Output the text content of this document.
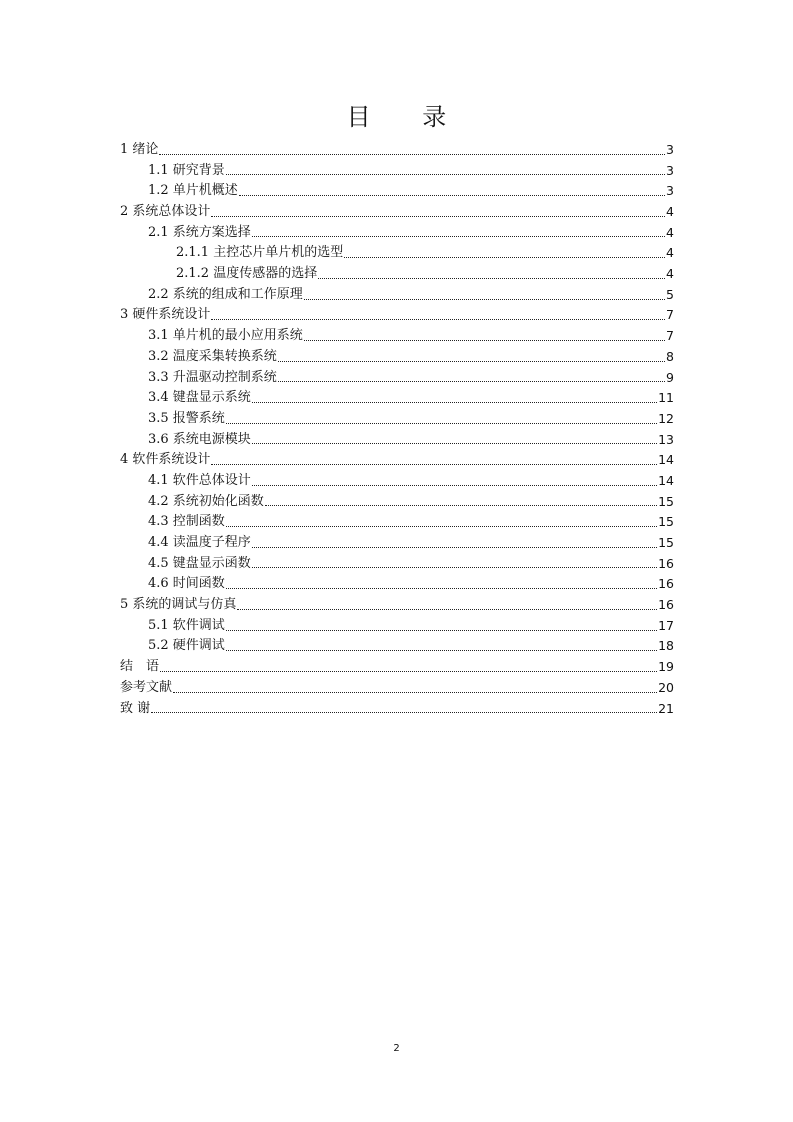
目 录
1 绪论	3
1.1 研究背景	3
1.2 单片机概述	3
2 系统总体设计	4
2.1 系统方案选择	4
2.1.1 主控芯片单片机的选型	4
2.1.2 温度传感器的选择	4
2.2 系统的组成和工作原理	5
3 硬件系统设计	7
3.1 单片机的最小应用系统	7
3.2 温度采集转换系统	8
3.3 升温驱动控制系统	9
3.4 键盘显示系统	11
3.5 报警系统	12
3.6 系统电源模块	13
4 软件系统设计	14
4.1 软件总体设计	14
4.2 系统初始化函数	15
4.3 控制函数	15
4.4 读温度子程序	15
4.5 键盘显示函数	16
4.6 时间函数	16
5 系统的调试与仿真	16
5.1 软件调试	17
5.2 硬件调试	18
结　语	19
参考文献	20
致 谢	21
2
